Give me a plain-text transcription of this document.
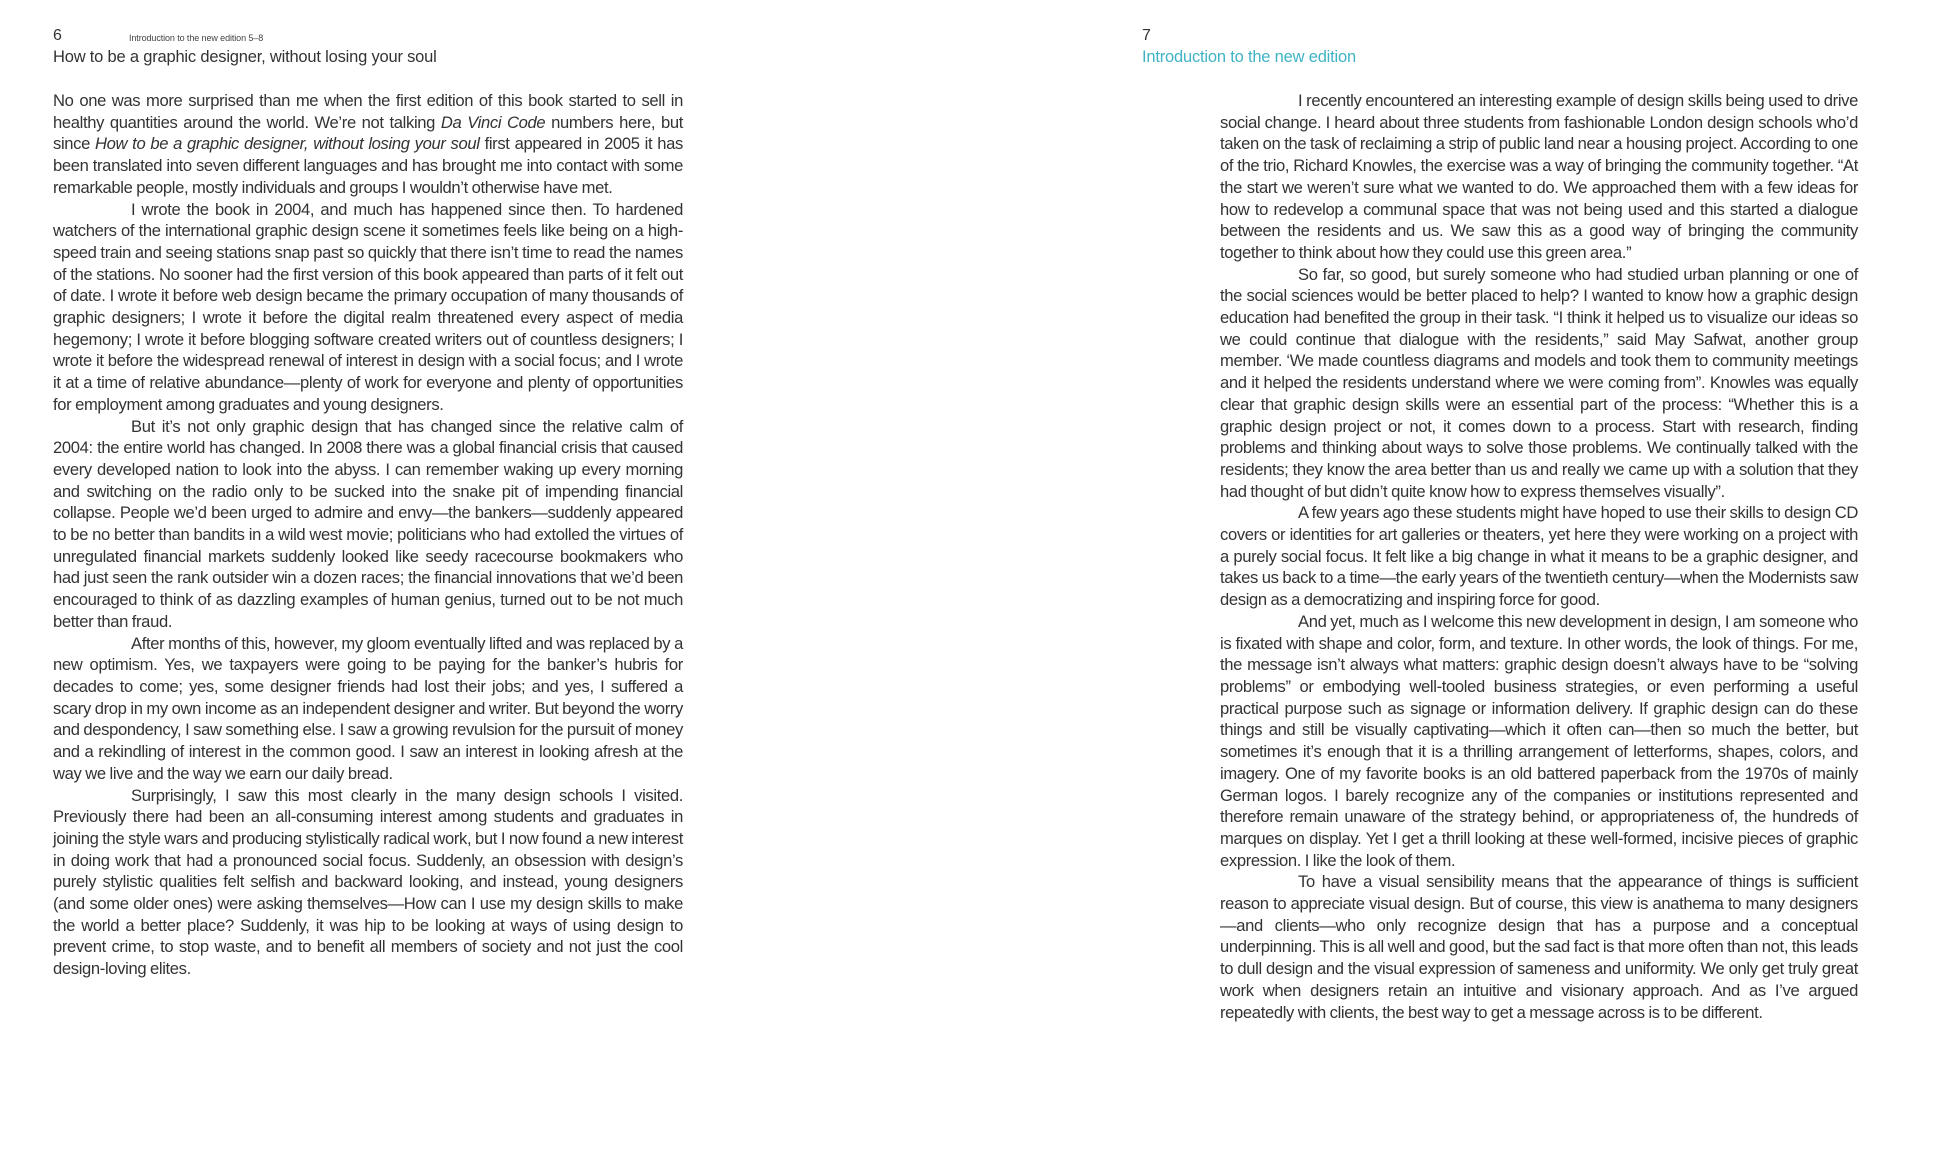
6	Introduction to the new edition 5–8
How to be a graphic designer, without losing your soul

No one was more surprised than me when the first edition of this book started to sell in healthy quantities around the world. We’re not talking Da Vinci Code numbers here, but since How to be a graphic designer, without losing your soul first appeared in 2005 it has been translated into seven different languages and has brought me into contact with some remarkable people, mostly individuals and groups I wouldn’t otherwise have met.

I wrote the book in 2004, and much has happened since then. To hardened watchers of the international graphic design scene it sometimes feels like being on a high-speed train and seeing stations snap past so quickly that there isn’t time to read the names of the stations. No sooner had the first version of this book appeared than parts of it felt out of date. I wrote it before web design became the primary occupation of many thousands of graphic designers; I wrote it before the digital realm threatened every aspect of media hegemony; I wrote it before blogging software created writers out of countless designers; I wrote it before the widespread renewal of interest in design with a social focus; and I wrote it at a time of relative abundance—plenty of work for everyone and plenty of opportunities for employment among graduates and young designers.

But it’s not only graphic design that has changed since the relative calm of 2004: the entire world has changed. In 2008 there was a global financial crisis that caused every developed nation to look into the abyss. I can remember waking up every morning and switching on the radio only to be sucked into the snake pit of impending financial collapse. People we’d been urged to admire and envy—the bankers—suddenly appeared to be no better than bandits in a wild west movie; politicians who had extolled the virtues of unregulated financial markets suddenly looked like seedy racecourse bookmakers who had just seen the rank outsider win a dozen races; the financial innovations that we’d been encouraged to think of as dazzling examples of human genius, turned out to be not much better than fraud.

After months of this, however, my gloom eventually lifted and was replaced by a new optimism. Yes, we taxpayers were going to be paying for the banker’s hubris for decades to come; yes, some designer friends had lost their jobs; and yes, I suffered a scary drop in my own income as an independent designer and writer. But beyond the worry and despondency, I saw something else. I saw a growing revulsion for the pursuit of money and a rekindling of interest in the common good. I saw an interest in looking afresh at the way we live and the way we earn our daily bread.

Surprisingly, I saw this most clearly in the many design schools I visited. Previously there had been an all-consuming interest among students and graduates in joining the style wars and producing stylistically radical work, but I now found a new interest in doing work that had a pronounced social focus. Suddenly, an obsession with design’s purely stylistic qualities felt selfish and backward looking, and instead, young designers (and some older ones) were asking themselves—How can I use my design skills to make the world a better place? Suddenly, it was hip to be looking at ways of using design to prevent crime, to stop waste, and to benefit all members of society and not just the cool design-loving elites.

7
Introduction to the new edition

I recently encountered an interesting example of design skills being used to drive social change. I heard about three students from fashionable London design schools who’d taken on the task of reclaiming a strip of public land near a housing project. According to one of the trio, Richard Knowles, the exercise was a way of bringing the community together. “At the start we weren’t sure what we wanted to do. We approached them with a few ideas for how to redevelop a communal space that was not being used and this started a dialogue between the residents and us. We saw this as a good way of bringing the community together to think about how they could use this green area.”

So far, so good, but surely someone who had studied urban planning or one of the social sciences would be better placed to help? I wanted to know how a graphic design education had benefited the group in their task. “I think it helped us to visualize our ideas so we could continue that dialogue with the residents,” said May Safwat, another group member. ‘We made countless diagrams and models and took them to community meetings and it helped the residents understand where we were coming from”. Knowles was equally clear that graphic design skills were an essential part of the process: “Whether this is a graphic design project or not, it comes down to a process. Start with research, finding problems and thinking about ways to solve those problems. We continually talked with the residents; they know the area better than us and really we came up with a solution that they had thought of but didn’t quite know how to express themselves visually”.

A few years ago these students might have hoped to use their skills to design CD covers or identities for art galleries or theaters, yet here they were working on a project with a purely social focus. It felt like a big change in what it means to be a graphic designer, and takes us back to a time—the early years of the twentieth century—when the Modernists saw design as a democratizing and inspiring force for good.

And yet, much as I welcome this new development in design, I am someone who is fixated with shape and color, form, and texture. In other words, the look of things. For me, the message isn’t always what matters: graphic design doesn’t always have to be “solving problems” or embodying well-tooled business strategies, or even performing a useful practical purpose such as signage or information delivery. If graphic design can do these things and still be visually captivating—which it often can—then so much the better, but sometimes it’s enough that it is a thrilling arrangement of letterforms, shapes, colors, and imagery. One of my favorite books is an old battered paperback from the 1970s of mainly German logos. I barely recognize any of the companies or institutions represented and therefore remain unaware of the strategy behind, or appropriateness of, the hundreds of marques on display. Yet I get a thrill looking at these well-formed, incisive pieces of graphic expression. I like the look of them.

To have a visual sensibility means that the appearance of things is sufficient reason to appreciate visual design. But of course, this view is anathema to many designers—and clients—who only recognize design that has a purpose and a conceptual underpinning. This is all well and good, but the sad fact is that more often than not, this leads to dull design and the visual expression of sameness and uniformity. We only get truly great work when designers retain an intuitive and visionary approach. And as I’ve argued repeatedly with clients, the best way to get a message across is to be different.
